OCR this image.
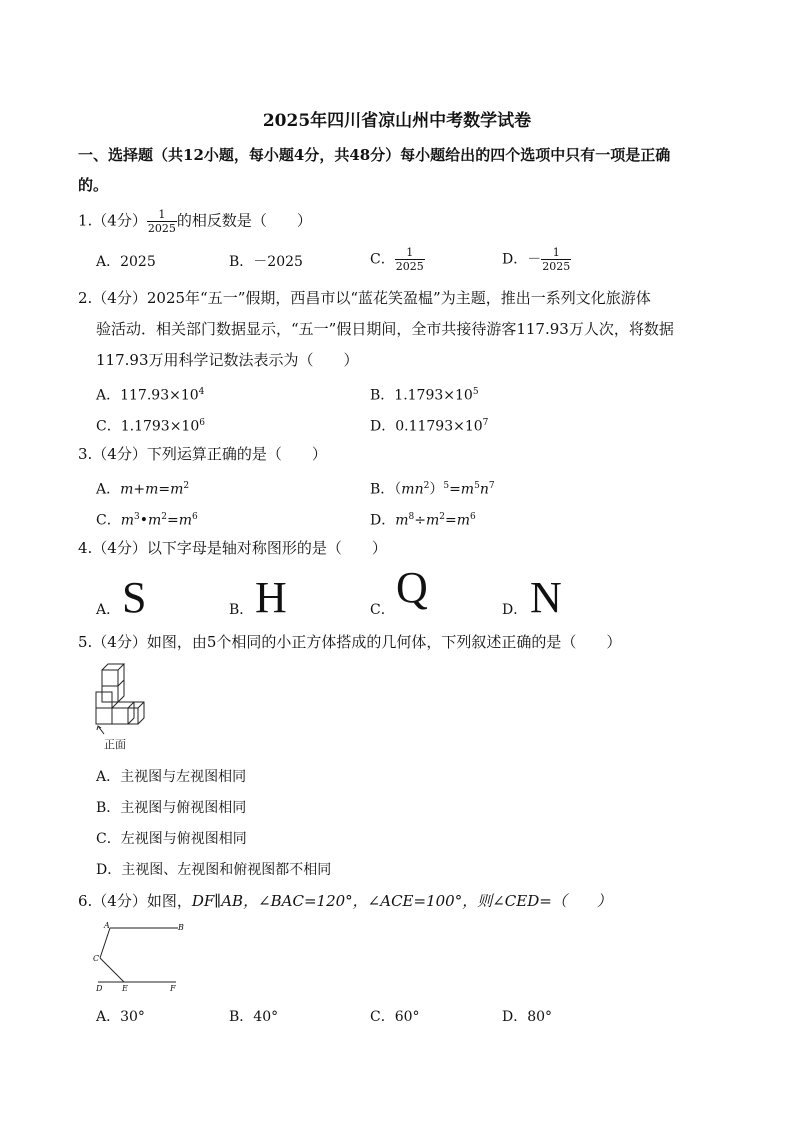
2025年四川省凉山州中考数学试卷
一、选择题（共12小题，每小题4分，共48分）每小题给出的四个选项中只有一项是正确
的。
1.（4分） $\frac{1}{2025}$ 的相反数是（　　）
A．2025	B．－2025	C． $\frac{1}{2025}$	D．－ $\frac{1}{2025}$
2.（4分）2025年“五一”假期，西昌市以“蓝花笑盈榅”为主题，推出一系列文化旅游体
验活动．相关部门数据显示，“五一”假日期间，全市共接待游客117.93万人次，将数据
117.93万用科学记数法表示为（　　）
A．$117.93\times 10^4$	B．$1.1793\times 10^5$
C．$1.1793\times 10^6$	D．$0.11793\times 10^7$
3.（4分）下列运算正确的是（　　）
A．$m+m=m^2$	B．$(mn^2)^5=m^5n^7$
C．$m^3•m^2=m^6$	D．$m^8\div m^2=m^6$
4.（4分）以下字母是轴对称图形的是（　　）
A． S	B． H	C． Q	D． N
5.（4分）如图，由5个相同的小正方体搭成的几何体，下列叙述正确的是（　　）
正面
A．主视图与左视图相同
B．主视图与俯视图相同
C．左视图与俯视图相同
D．主视图、左视图和俯视图都不相同
6.（4分）如图，DF∥AB，∠BAC=120°，∠ACE=100°，则∠CED=（　　）
A	B
C
D E	F
A．30°	B．40°	C．60°	D．80°
